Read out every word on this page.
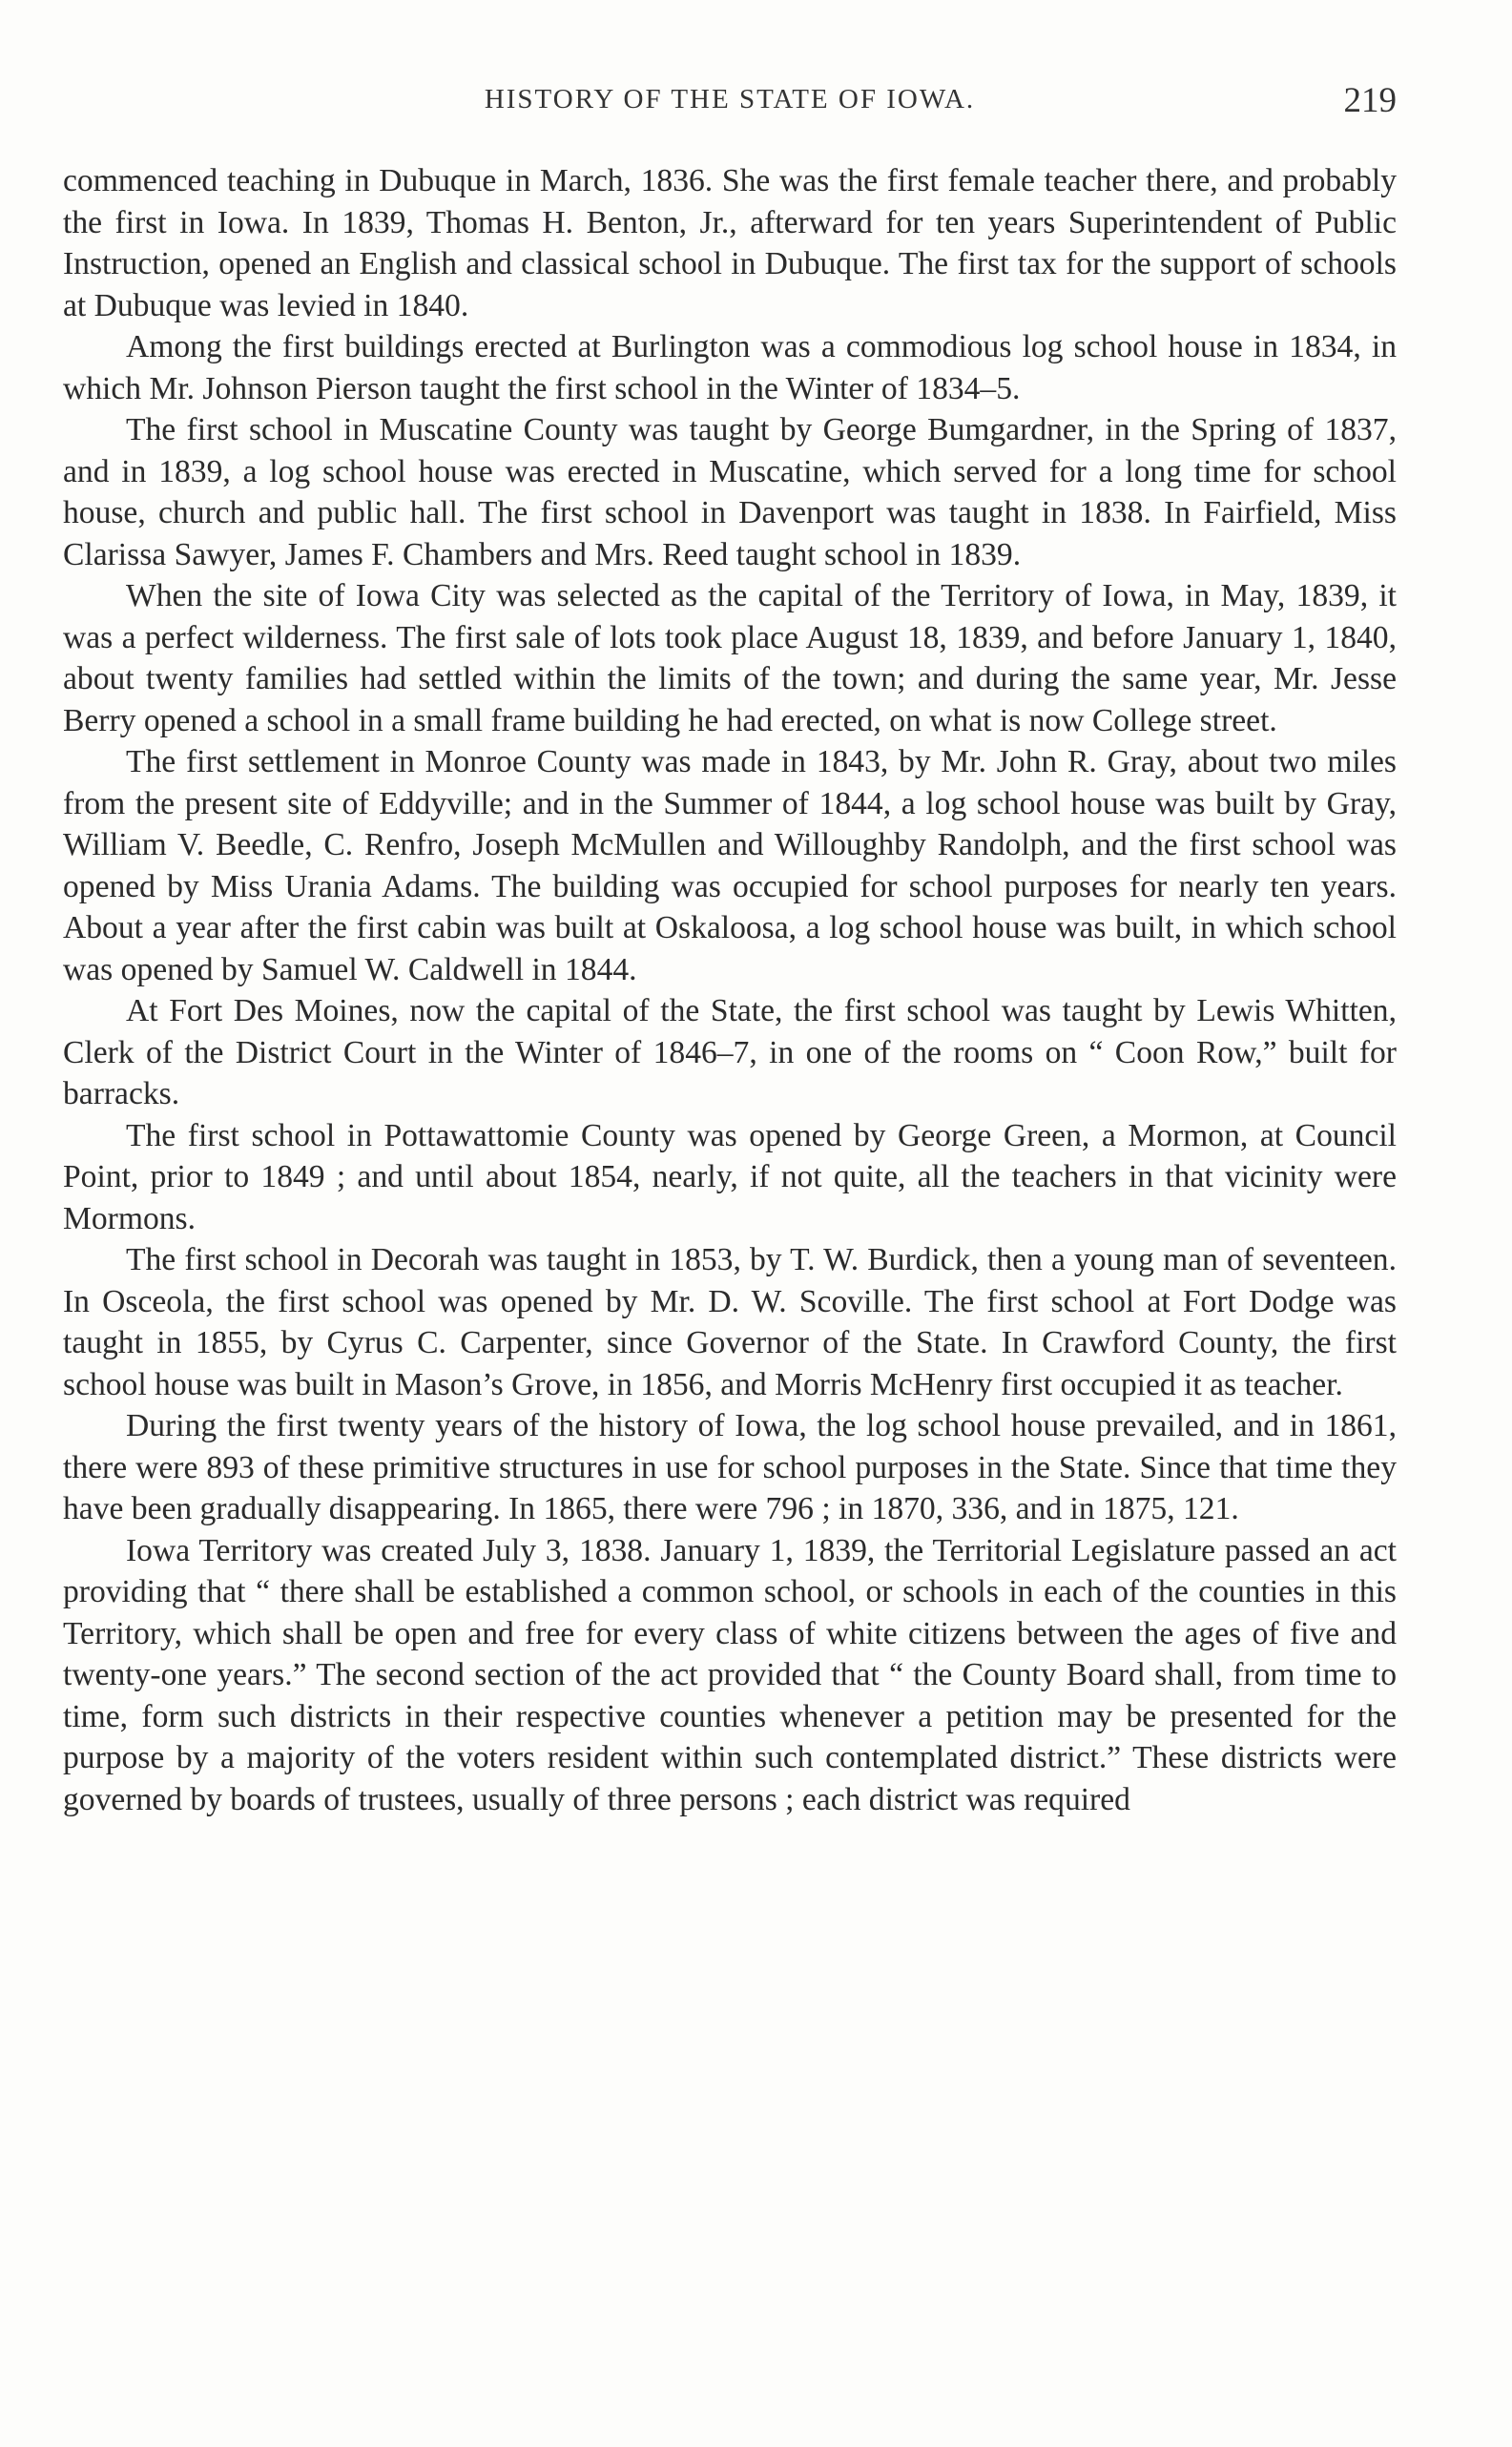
HISTORY OF THE STATE OF IOWA.	219

commenced teaching in Dubuque in March, 1836. She was the first female teacher there, and probably the first in Iowa. In 1839, Thomas H. Benton, Jr., afterward for ten years Superintendent of Public Instruction, opened an English and classical school in Dubuque. The first tax for the support of schools at Dubuque was levied in 1840.

Among the first buildings erected at Burlington was a commodious log school house in 1834, in which Mr. Johnson Pierson taught the first school in the Winter of 1834–5.

The first school in Muscatine County was taught by George Bumgardner, in the Spring of 1837, and in 1839, a log school house was erected in Muscatine, which served for a long time for school house, church and public hall. The first school in Davenport was taught in 1838. In Fairfield, Miss Clarissa Sawyer, James F. Chambers and Mrs. Reed taught school in 1839.

When the site of Iowa City was selected as the capital of the Territory of Iowa, in May, 1839, it was a perfect wilderness. The first sale of lots took place August 18, 1839, and before January 1, 1840, about twenty families had settled within the limits of the town; and during the same year, Mr. Jesse Berry opened a school in a small frame building he had erected, on what is now College street.

The first settlement in Monroe County was made in 1843, by Mr. John R. Gray, about two miles from the present site of Eddyville; and in the Summer of 1844, a log school house was built by Gray, William V. Beedle, C. Renfro, Joseph McMullen and Willoughby Randolph, and the first school was opened by Miss Urania Adams. The building was occupied for school purposes for nearly ten years. About a year after the first cabin was built at Oskaloosa, a log school house was built, in which school was opened by Samuel W. Caldwell in 1844.

At Fort Des Moines, now the capital of the State, the first school was taught by Lewis Whitten, Clerk of the District Court in the Winter of 1846–7, in one of the rooms on “ Coon Row,” built for barracks.

The first school in Pottawattomie County was opened by George Green, a Mormon, at Council Point, prior to 1849 ; and until about 1854, nearly, if not quite, all the teachers in that vicinity were Mormons.

The first school in Decorah was taught in 1853, by T. W. Burdick, then a young man of seventeen. In Osceola, the first school was opened by Mr. D. W. Scoville. The first school at Fort Dodge was taught in 1855, by Cyrus C. Carpenter, since Governor of the State. In Crawford County, the first school house was built in Mason’s Grove, in 1856, and Morris McHenry first occupied it as teacher.

During the first twenty years of the history of Iowa, the log school house prevailed, and in 1861, there were 893 of these primitive structures in use for school purposes in the State. Since that time they have been gradually disappearing. In 1865, there were 796 ; in 1870, 336, and in 1875, 121.

Iowa Territory was created July 3, 1838. January 1, 1839, the Territorial Legislature passed an act providing that “ there shall be established a common school, or schools in each of the counties in this Territory, which shall be open and free for every class of white citizens between the ages of five and twenty-one years.” The second section of the act provided that “ the County Board shall, from time to time, form such districts in their respective counties whenever a petition may be presented for the purpose by a majority of the voters resident within such contemplated district.” These districts were governed by boards of trustees, usually of three persons ; each district was required
